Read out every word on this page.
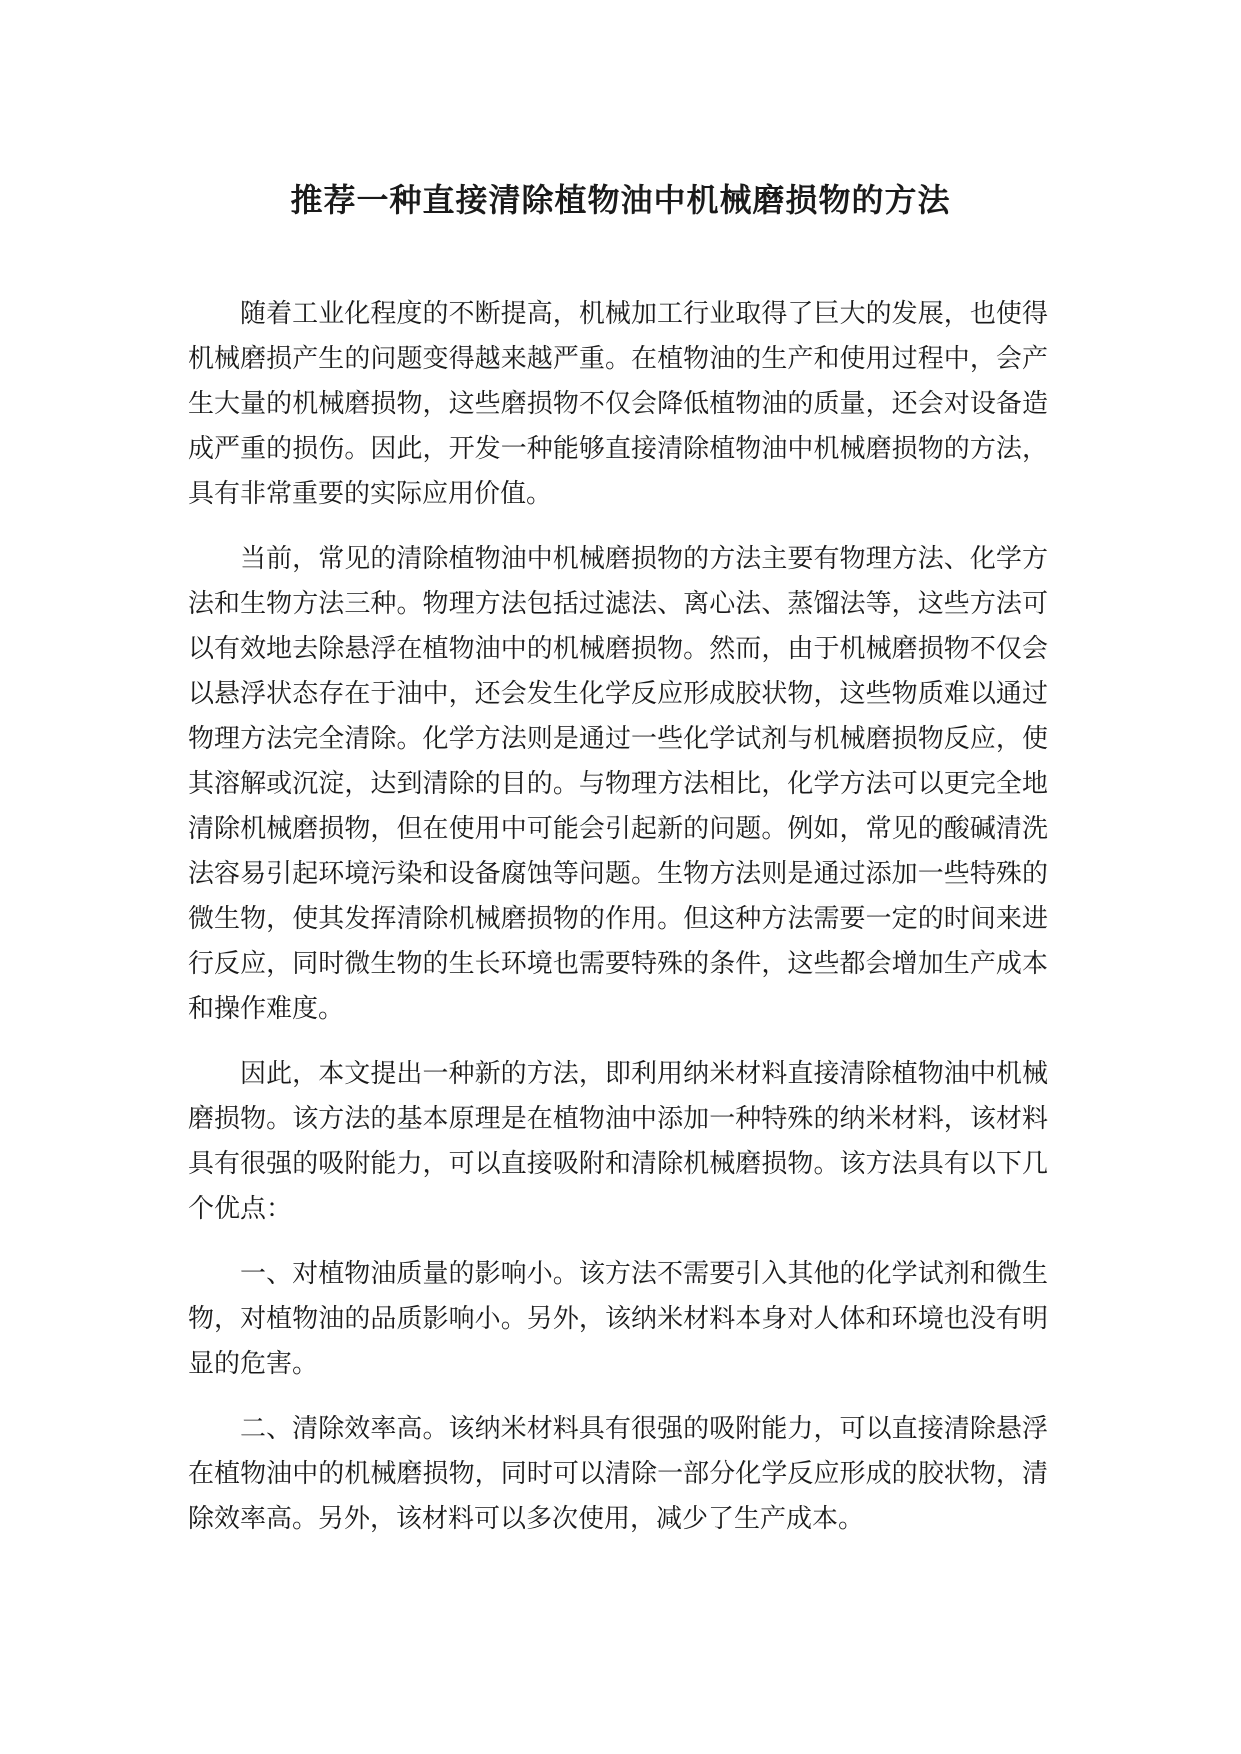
推荐一种直接清除植物油中机械磨损物的方法

随着工业化程度的不断提高，机械加工行业取得了巨大的发展，也使得机械磨损产生的问题变得越来越严重。在植物油的生产和使用过程中，会产生大量的机械磨损物，这些磨损物不仅会降低植物油的质量，还会对设备造成严重的损伤。因此，开发一种能够直接清除植物油中机械磨损物的方法，具有非常重要的实际应用价值。

当前，常见的清除植物油中机械磨损物的方法主要有物理方法、化学方法和生物方法三种。物理方法包括过滤法、离心法、蒸馏法等，这些方法可以有效地去除悬浮在植物油中的机械磨损物。然而，由于机械磨损物不仅会以悬浮状态存在于油中，还会发生化学反应形成胶状物，这些物质难以通过物理方法完全清除。化学方法则是通过一些化学试剂与机械磨损物反应，使其溶解或沉淀，达到清除的目的。与物理方法相比，化学方法可以更完全地清除机械磨损物，但在使用中可能会引起新的问题。例如，常见的酸碱清洗法容易引起环境污染和设备腐蚀等问题。生物方法则是通过添加一些特殊的微生物，使其发挥清除机械磨损物的作用。但这种方法需要一定的时间来进行反应，同时微生物的生长环境也需要特殊的条件，这些都会增加生产成本和操作难度。

因此，本文提出一种新的方法，即利用纳米材料直接清除植物油中机械磨损物。该方法的基本原理是在植物油中添加一种特殊的纳米材料，该材料具有很强的吸附能力，可以直接吸附和清除机械磨损物。该方法具有以下几个优点：

一、对植物油质量的影响小。该方法不需要引入其他的化学试剂和微生物，对植物油的品质影响小。另外，该纳米材料本身对人体和环境也没有明显的危害。

二、清除效率高。该纳米材料具有很强的吸附能力，可以直接清除悬浮在植物油中的机械磨损物，同时可以清除一部分化学反应形成的胶状物，清除效率高。另外，该材料可以多次使用，减少了生产成本。
